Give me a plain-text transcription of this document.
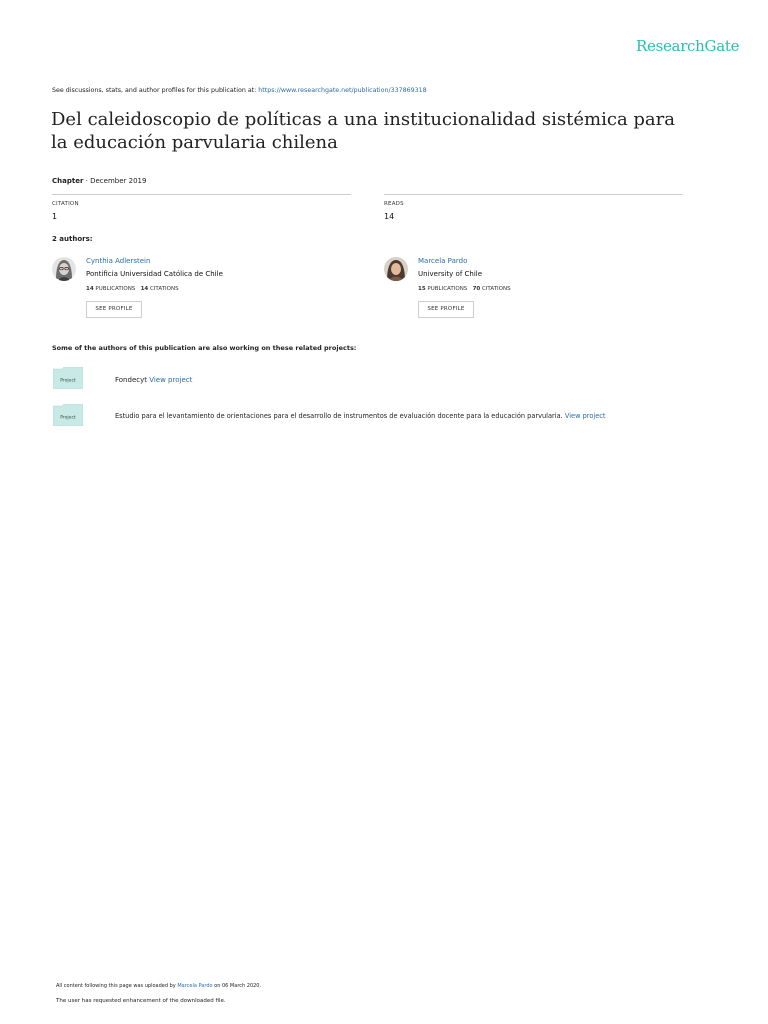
ResearchGate
See discussions, stats, and author profiles for this publication at: https://www.researchgate.net/publication/337869318
Del caleidoscopio de políticas a una institucionalidad sistémica para la educación parvularia chilena
Chapter · December 2019
CITATION
1
READS
14
2 authors:
Cynthia Adlerstein
Pontificia Universidad Católica de Chile
14 PUBLICATIONS 14 CITATIONS
SEE PROFILE
Marcela Pardo
University of Chile
15 PUBLICATIONS 70 CITATIONS
SEE PROFILE
Some of the authors of this publication are also working on these related projects:
Project	Fondecyt View project
Project	Estudio para el levantamiento de orientaciones para el desarrollo de instrumentos de evaluación docente para la educación parvularia. View project
All content following this page was uploaded by Marcela Pardo on 06 March 2020.
The user has requested enhancement of the downloaded file.
